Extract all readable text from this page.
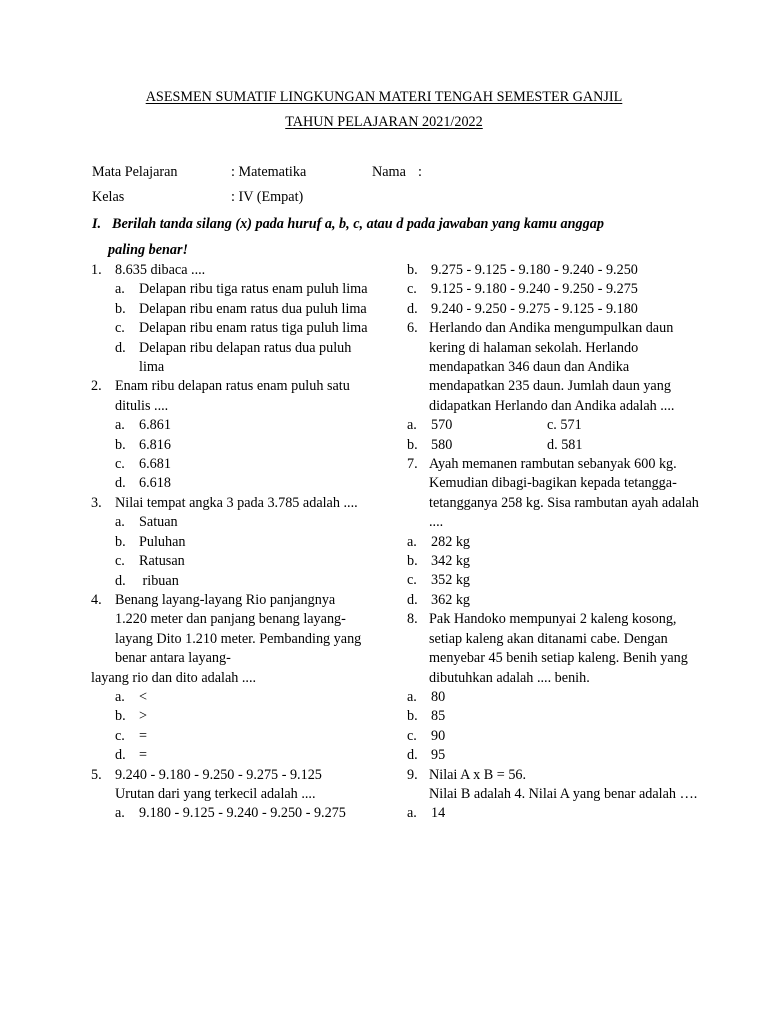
ASESMEN SUMATIF LINGKUNGAN MATERI TENGAH SEMESTER GANJIL
TAHUN PELAJARAN 2021/2022
Mata Pelajaran	: Matematika	Nama :
Kelas	: IV (Empat)
I. Berilah tanda silang (x) pada huruf a, b, c, atau d pada jawaban yang kamu anggap
paling benar!
1. 8.635 dibaca ....
a. Delapan ribu tiga ratus enam puluh lima
b. Delapan ribu enam ratus dua puluh lima
c. Delapan ribu enam ratus tiga puluh lima
d. Delapan ribu delapan ratus dua puluh lima
2. Enam ribu delapan ratus enam puluh satu ditulis ....
a. 6.861
b. 6.816
c. 6.681
d. 6.618
3. Nilai tempat angka 3 pada 3.785 adalah ....
a. Satuan
b. Puluhan
c. Ratusan
d. ribuan
4. Benang layang-layang Rio panjangnya 1.220 meter dan panjang benang layang-layang Dito 1.210 meter. Pembanding yang benar antara layang-
layang rio dan dito adalah ....
a. <
b. >
c. =
d. =
5. 9.240 - 9.180 - 9.250 - 9.275 - 9.125
Urutan dari yang terkecil adalah ....
a. 9.180 - 9.125 - 9.240 - 9.250 - 9.275
b. 9.275 - 9.125 - 9.180 - 9.240 - 9.250
c. 9.125 - 9.180 - 9.240 - 9.250 - 9.275
d. 9.240 - 9.250 - 9.275 - 9.125 - 9.180
6. Herlando dan Andika mengumpulkan daun kering di halaman sekolah. Herlando mendapatkan 346 daun dan Andika mendapatkan 235 daun. Jumlah daun yang didapatkan Herlando dan Andika adalah ....
a. 570	c. 571
b. 580	d. 581
7. Ayah memanen rambutan sebanyak 600 kg. Kemudian dibagi-bagikan kepada tetangga-tetangganya 258 kg. Sisa rambutan ayah adalah ....
a. 282 kg
b. 342 kg
c. 352 kg
d. 362 kg
8. Pak Handoko mempunyai 2 kaleng kosong, setiap kaleng akan ditanami cabe. Dengan menyebar 45 benih setiap kaleng. Benih yang dibutuhkan adalah .... benih.
a. 80
b. 85
c. 90
d. 95
9. Nilai A x B = 56.
Nilai B adalah 4. Nilai A yang benar adalah ….
a. 14
